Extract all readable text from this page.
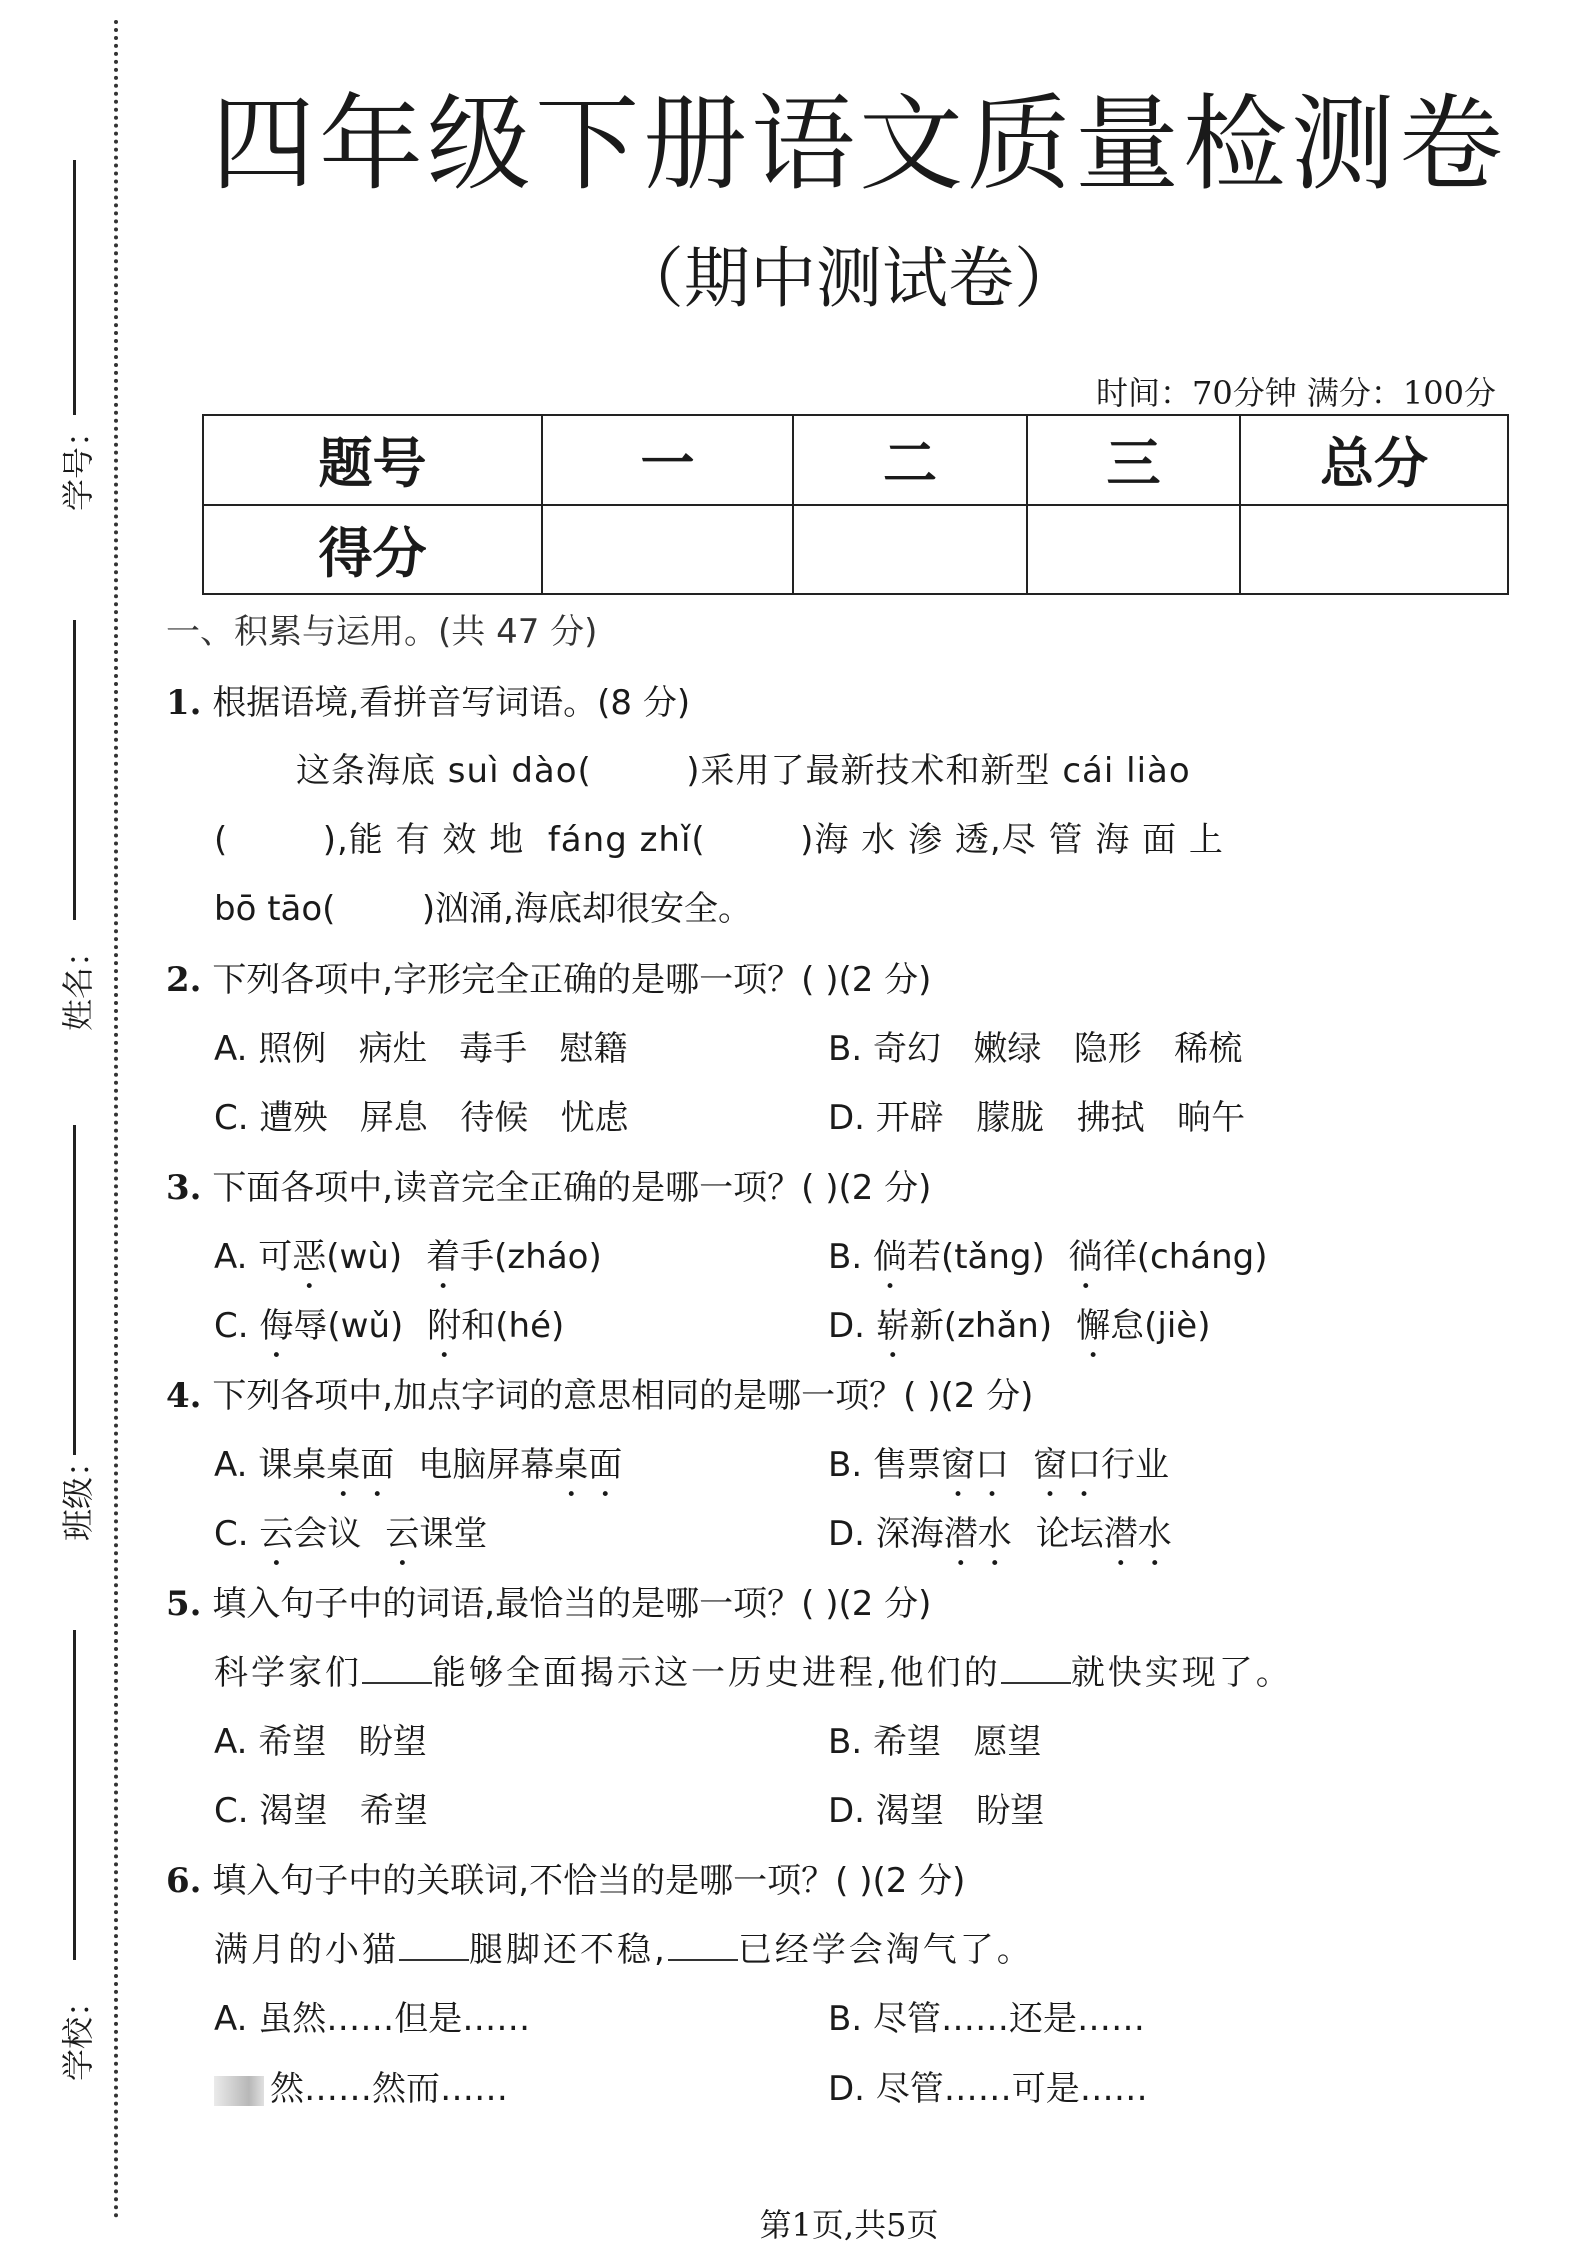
学号：
姓名：
班级：
学校：
四年级下册语文质量检测卷
（期中测试卷）
时间：70分钟 满分：100分
题号	一	二	三	总分
得分				
一、积累与运用。(共 47 分)
1. 根据语境,看拼音写词语。(8 分)
这条海底 suì dào(        )采用了最新技术和新型 cái liào
(        ),能 有 效 地  fáng zhǐ(        )海 水 渗 透,尽 管 海 面 上
bō tāo(        )汹涌,海底却很安全。
2. 下列各项中,字形完全正确的是哪一项？( )(2 分)
A. 照例   病灶   毒手   慰籍	B. 奇幻   嫩绿   隐形   稀梳
C. 遭殃   屏息   待候   忧虑	D. 开辟   朦胧   拂拭   晌午
3. 下面各项中,读音完全正确的是哪一项？( )(2 分)
A. 可恶(wù) 着手(zháo)	B. 倘若(tǎng) 徜徉(cháng)
C. 侮辱(wǔ) 附和(hé)	D. 崭新(zhǎn) 懈怠(jiè)
4. 下列各项中,加点字词的意思相同的是哪一项？( )(2 分)
A. 课桌桌面 电脑屏幕桌面	B. 售票窗口 窗口行业
C. 云会议 云课堂	D. 深海潜水 论坛潜水
5. 填入句子中的词语,最恰当的是哪一项？( )(2 分)
科学家们 能够全面揭示这一历史进程,他们的 就快实现了。
A. 希望   盼望	B. 希望   愿望
C. 渴望   希望	D. 渴望   盼望
6. 填入句子中的关联词,不恰当的是哪一项？( )(2 分)
满月的小猫 腿脚还不稳, 已经学会淘气了。
A. 虽然……但是……	B. 尽管……还是……
然……然而……	D. 尽管……可是……
第1页,共5页
